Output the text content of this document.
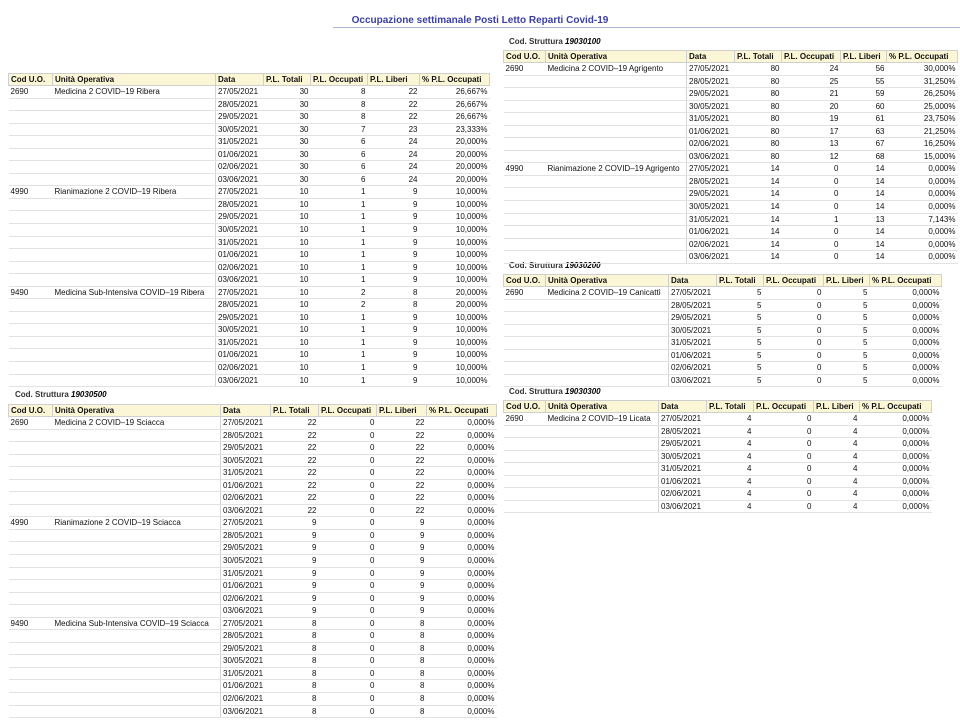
Occupazione settimanale Posti Letto Reparti Covid-19
Cod. Struttura 19030500
Cod. Struttura 19030100
Cod. Struttura 19030200
Cod. Struttura 19030300
Cod U.O.	Unità Operativa	Data	P.L. Totali	P.L. Occupati	P.L. Liberi	% P.L. Occupati
2690	Medicina 2 COVID–19 Ribera	27/05/2021	30	8	22	26,667%
		28/05/2021	30	8	22	26,667%
		29/05/2021	30	8	22	26,667%
		30/05/2021	30	7	23	23,333%
		31/05/2021	30	6	24	20,000%
		01/06/2021	30	6	24	20,000%
		02/06/2021	30	6	24	20,000%
		03/06/2021	30	6	24	20,000%
4990	Rianimazione 2 COVID–19 Ribera	27/05/2021	10	1	9	10,000%
		28/05/2021	10	1	9	10,000%
		29/05/2021	10	1	9	10,000%
		30/05/2021	10	1	9	10,000%
		31/05/2021	10	1	9	10,000%
		01/06/2021	10	1	9	10,000%
		02/06/2021	10	1	9	10,000%
		03/06/2021	10	1	9	10,000%
9490	Medicina Sub-Intensiva COVID–19 Ribera	27/05/2021	10	2	8	20,000%
		28/05/2021	10	2	8	20,000%
		29/05/2021	10	1	9	10,000%
		30/05/2021	10	1	9	10,000%
		31/05/2021	10	1	9	10,000%
		01/06/2021	10	1	9	10,000%
		02/06/2021	10	1	9	10,000%
		03/06/2021	10	1	9	10,000%
Cod U.O.	Unità Operativa	Data	P.L. Totali	P.L. Occupati	P.L. Liberi	% P.L. Occupati
2690	Medicina 2 COVID–19 Sciacca	27/05/2021	22	0	22	0,000%
		28/05/2021	22	0	22	0,000%
		29/05/2021	22	0	22	0,000%
		30/05/2021	22	0	22	0,000%
		31/05/2021	22	0	22	0,000%
		01/06/2021	22	0	22	0,000%
		02/06/2021	22	0	22	0,000%
		03/06/2021	22	0	22	0,000%
4990	Rianimazione 2 COVID–19 Sciacca	27/05/2021	9	0	9	0,000%
		28/05/2021	9	0	9	0,000%
		29/05/2021	9	0	9	0,000%
		30/05/2021	9	0	9	0,000%
		31/05/2021	9	0	9	0,000%
		01/06/2021	9	0	9	0,000%
		02/06/2021	9	0	9	0,000%
		03/06/2021	9	0	9	0,000%
9490	Medicina Sub-Intensiva COVID–19 Sciacca	27/05/2021	8	0	8	0,000%
		28/05/2021	8	0	8	0,000%
		29/05/2021	8	0	8	0,000%
		30/05/2021	8	0	8	0,000%
		31/05/2021	8	0	8	0,000%
		01/06/2021	8	0	8	0,000%
		02/06/2021	8	0	8	0,000%
		03/06/2021	8	0	8	0,000%
Cod U.O.	Unità Operativa	Data	P.L. Totali	P.L. Occupati	P.L. Liberi	% P.L. Occupati
2690	Medicina 2 COVID–19 Agrigento	27/05/2021	80	24	56	30,000%
		28/05/2021	80	25	55	31,250%
		29/05/2021	80	21	59	26,250%
		30/05/2021	80	20	60	25,000%
		31/05/2021	80	19	61	23,750%
		01/06/2021	80	17	63	21,250%
		02/06/2021	80	13	67	16,250%
		03/06/2021	80	12	68	15,000%
4990	Rianimazione 2 COVID–19 Agrigento	27/05/2021	14	0	14	0,000%
		28/05/2021	14	0	14	0,000%
		29/05/2021	14	0	14	0,000%
		30/05/2021	14	0	14	0,000%
		31/05/2021	14	1	13	7,143%
		01/06/2021	14	0	14	0,000%
		02/06/2021	14	0	14	0,000%
		03/06/2021	14	0	14	0,000%
Cod U.O.	Unità Operativa	Data	P.L. Totali	P.L. Occupati	P.L. Liberi	% P.L. Occupati
2690	Medicina 2 COVID–19 Canicattì	27/05/2021	5	0	5	0,000%
		28/05/2021	5	0	5	0,000%
		29/05/2021	5	0	5	0,000%
		30/05/2021	5	0	5	0,000%
		31/05/2021	5	0	5	0,000%
		01/06/2021	5	0	5	0,000%
		02/06/2021	5	0	5	0,000%
		03/06/2021	5	0	5	0,000%
Cod U.O.	Unità Operativa	Data	P.L. Totali	P.L. Occupati	P.L. Liberi	% P.L. Occupati
2690	Medicina 2 COVID–19 Licata	27/05/2021	4	0	4	0,000%
		28/05/2021	4	0	4	0,000%
		29/05/2021	4	0	4	0,000%
		30/05/2021	4	0	4	0,000%
		31/05/2021	4	0	4	0,000%
		01/06/2021	4	0	4	0,000%
		02/06/2021	4	0	4	0,000%
		03/06/2021	4	0	4	0,000%
